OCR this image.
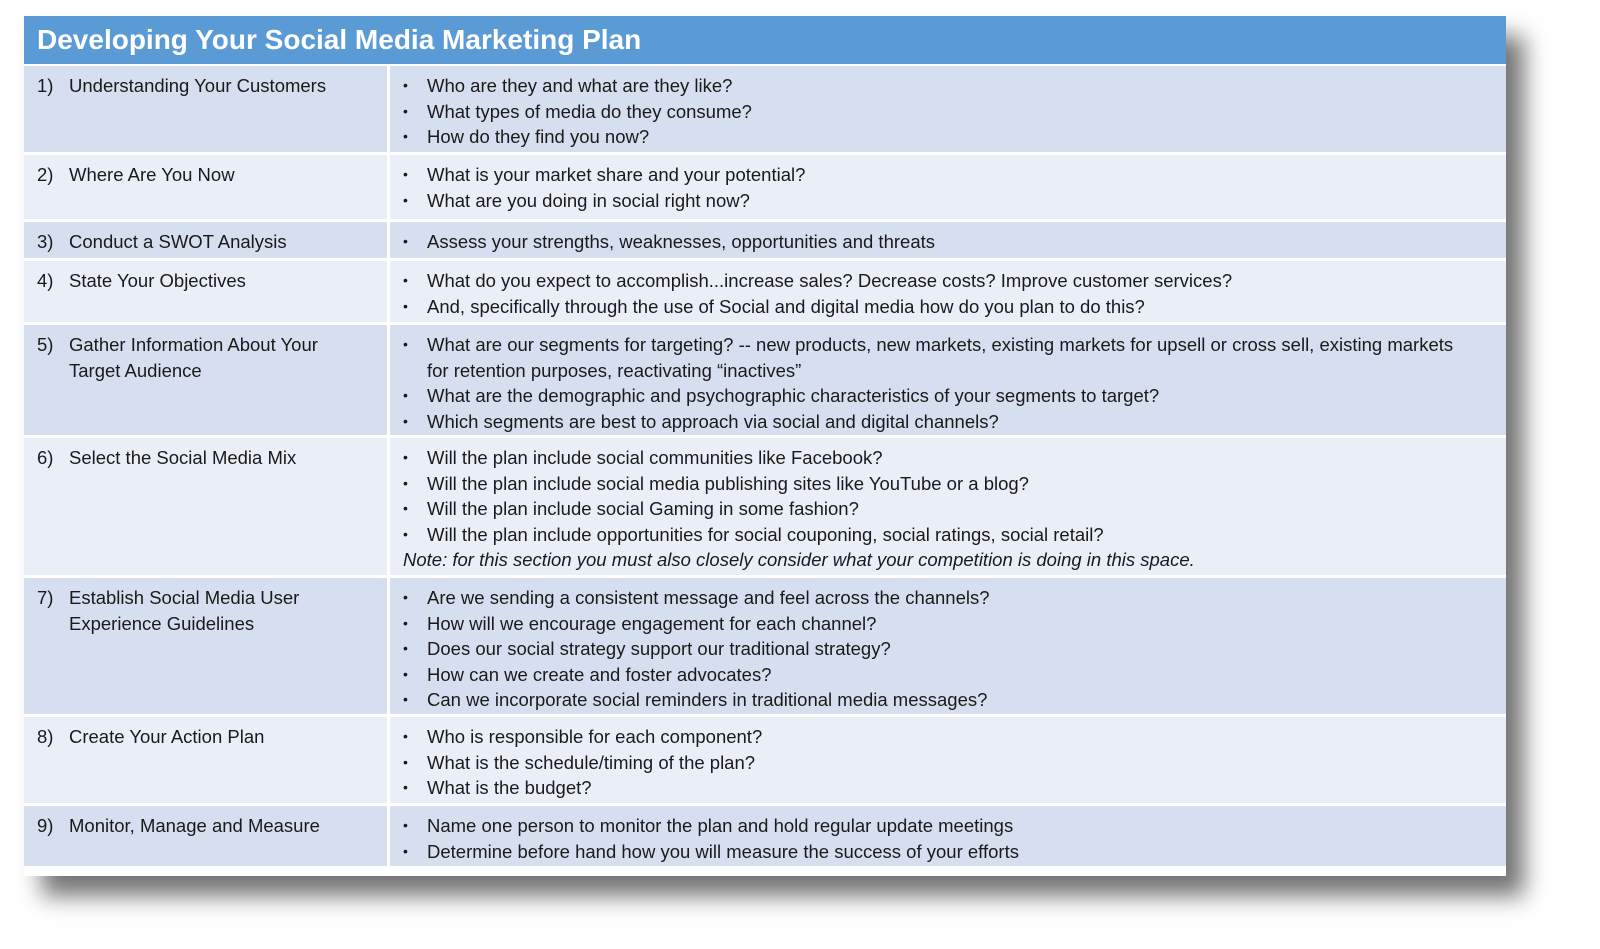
Developing Your Social Media Marketing Plan
1) Understanding Your Customers	• Who are they and what are they like?
• What types of media do they consume?
• How do they find you now?
2) Where Are You Now	• What is your market share and your potential?
• What are you doing in social right now?
3) Conduct a SWOT Analysis	• Assess your strengths, weaknesses, opportunities and threats
4) State Your Objectives	• What do you expect to accomplish...increase sales? Decrease costs? Improve customer services?
• And, specifically through the use of Social and digital media how do you plan to do this?
5) Gather Information About Your Target Audience
• What are our segments for targeting? -- new products, new markets, existing markets for upsell or cross sell, existing markets for retention purposes, reactivating “inactives”
• What are the demographic and psychographic characteristics of your segments to target?
• Which segments are best to approach via social and digital channels?
6) Select the Social Media Mix	• Will the plan include social communities like Facebook?
• Will the plan include social media publishing sites like YouTube or a blog?
• Will the plan include social Gaming in some fashion?
• Will the plan include opportunities for social couponing, social ratings, social retail?
Note: for this section you must also closely consider what your competition is doing in this space.
7) Establish Social Media User Experience Guidelines
• Are we sending a consistent message and feel across the channels?
• How will we encourage engagement for each channel?
• Does our social strategy support our traditional strategy?
• How can we create and foster advocates?
• Can we incorporate social reminders in traditional media messages?
8) Create Your Action Plan	• Who is responsible for each component?
• What is the schedule/timing of the plan?
• What is the budget?
9) Monitor, Manage and Measure	• Name one person to monitor the plan and hold regular update meetings
• Determine before hand how you will measure the success of your efforts
